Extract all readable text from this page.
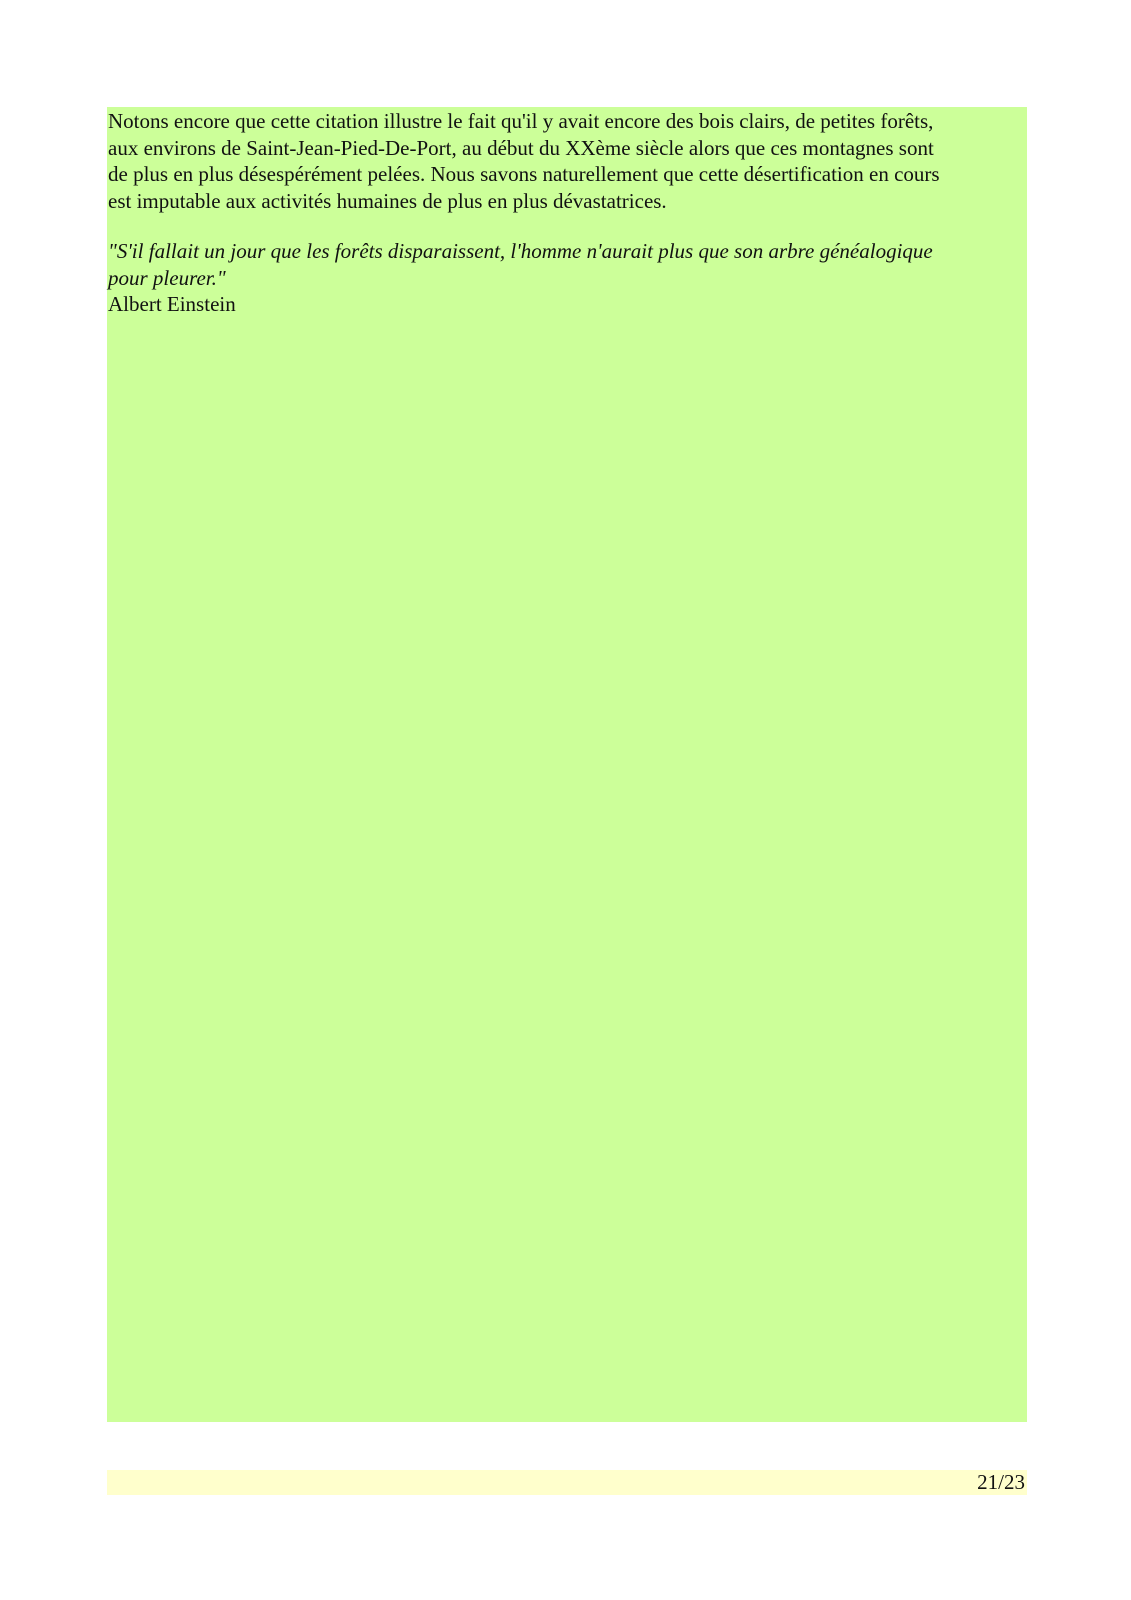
Notons encore que cette citation illustre le fait qu'il y avait encore des bois clairs, de petites forêts,
aux environs de Saint-Jean-Pied-De-Port, au début du XXème siècle alors que ces montagnes sont
de plus en plus désespérément pelées. Nous savons naturellement que cette désertification en cours
est imputable aux activités humaines de plus en plus dévastatrices.
"S'il fallait un jour que les forêts disparaissent, l'homme n'aurait plus que son arbre généalogique
pour pleurer."
Albert Einstein
21/23
